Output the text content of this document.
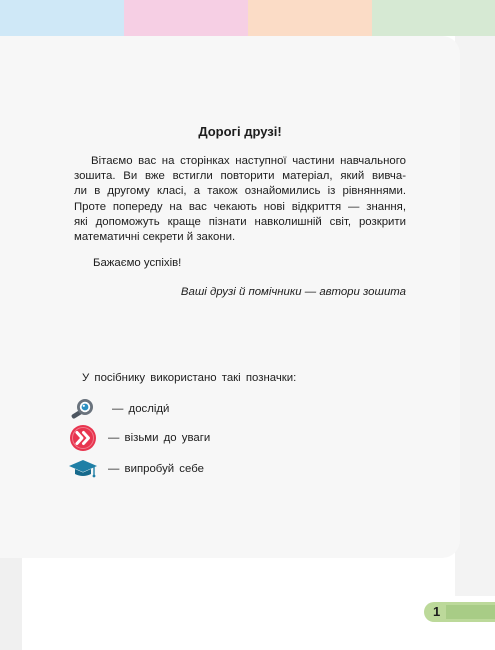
Дорогі друзі!

Вітаємо вас на сторінках наступної частини навчального
зошита. Ви вже встигли повторити матеріал, який вивча-
ли в другому класі, а також ознайомились із рівняннями.
Проте попереду на вас чекають нові відкриття — знання,
які допоможуть краще пізнати навколишній світ, розкрити
математичні секрети й закони.

Бажаємо успіхів!

Ваші друзі й помічники — автори зошита

У посібнику використано такі позначки:

— досліди́
— візьми до уваги
— випробуй себе
1
